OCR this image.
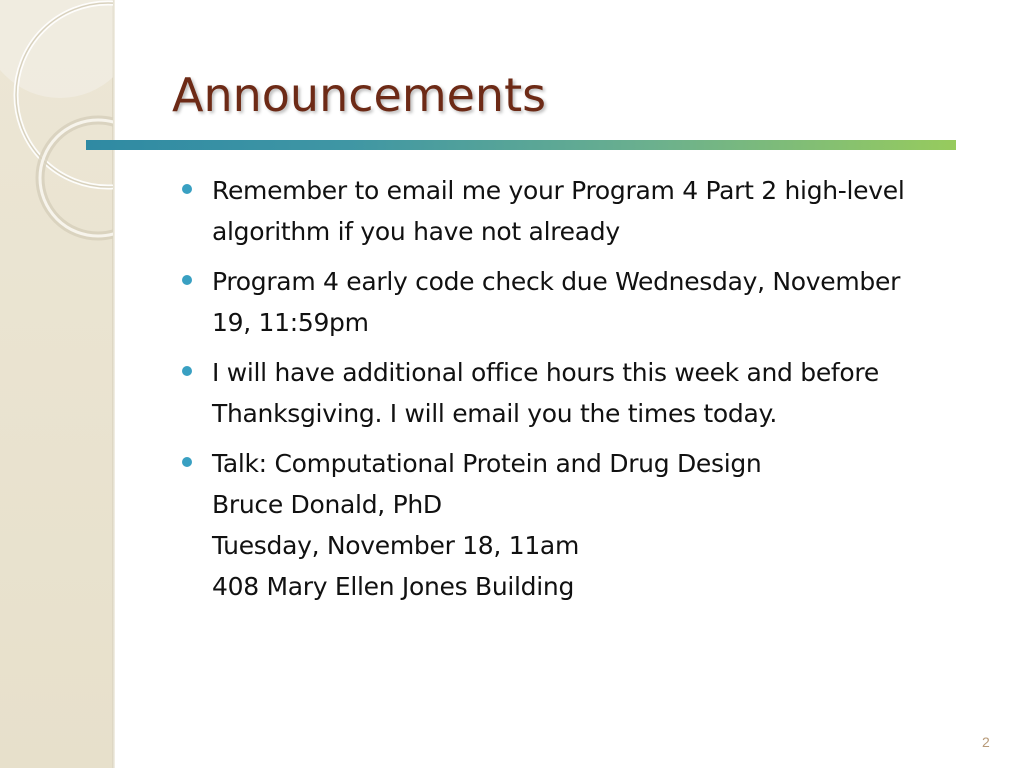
Announcements
Remember to email me your Program 4 Part 2 high-level
algorithm if you have not already
Program 4 early code check due Wednesday, November
19, 11:59pm
I will have additional office hours this week and before
Thanksgiving. I will email you the times today.
Talk: Computational Protein and Drug Design
Bruce Donald, PhD
Tuesday, November 18, 11am
408 Mary Ellen Jones Building
2
